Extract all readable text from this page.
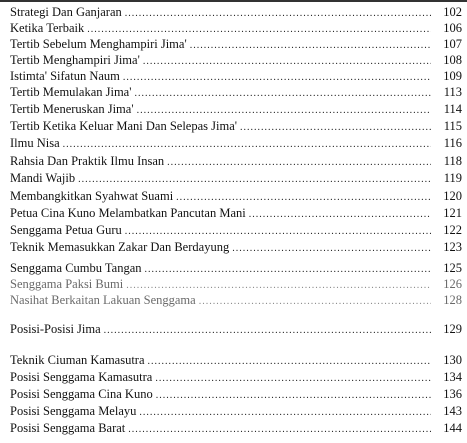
Strategi Dan Ganjaran .....	102
Ketika Terbaik .....	106
Tertib Sebelum Menghampiri Jima' .....	107
Tertib Menghampiri Jima' .....	108
Istimta' Sifatun Naum .....	109
Tertib Memulakan Jima' .....	113
Tertib Meneruskan Jima' .....	114
Tertib Ketika Keluar Mani Dan Selepas Jima' .....	115
Ilmu Nisa .....	116
Rahsia Dan Praktik Ilmu Insan .....	118
Mandi Wajib .....	119
Membangkitkan Syahwat Suami .....	120
Petua Cina Kuno Melambatkan Pancutan Mani .....	121
Senggama Petua Guru .....	122
Teknik Memasukkan Zakar Dan Berdayung .....	123
Senggama Cumbu Tangan .....	125
Senggama Paksi Bumi .....	126
Nasihat Berkaitan Lakuan Senggama .....	128
Posisi-Posisi Jima .....	129
Teknik Ciuman Kamasutra .....	130
Posisi Senggama Kamasutra .....	134
Posisi Senggama Cina Kuno .....	136
Posisi Senggama Melayu .....	143
Posisi Senggama Barat .....	144
